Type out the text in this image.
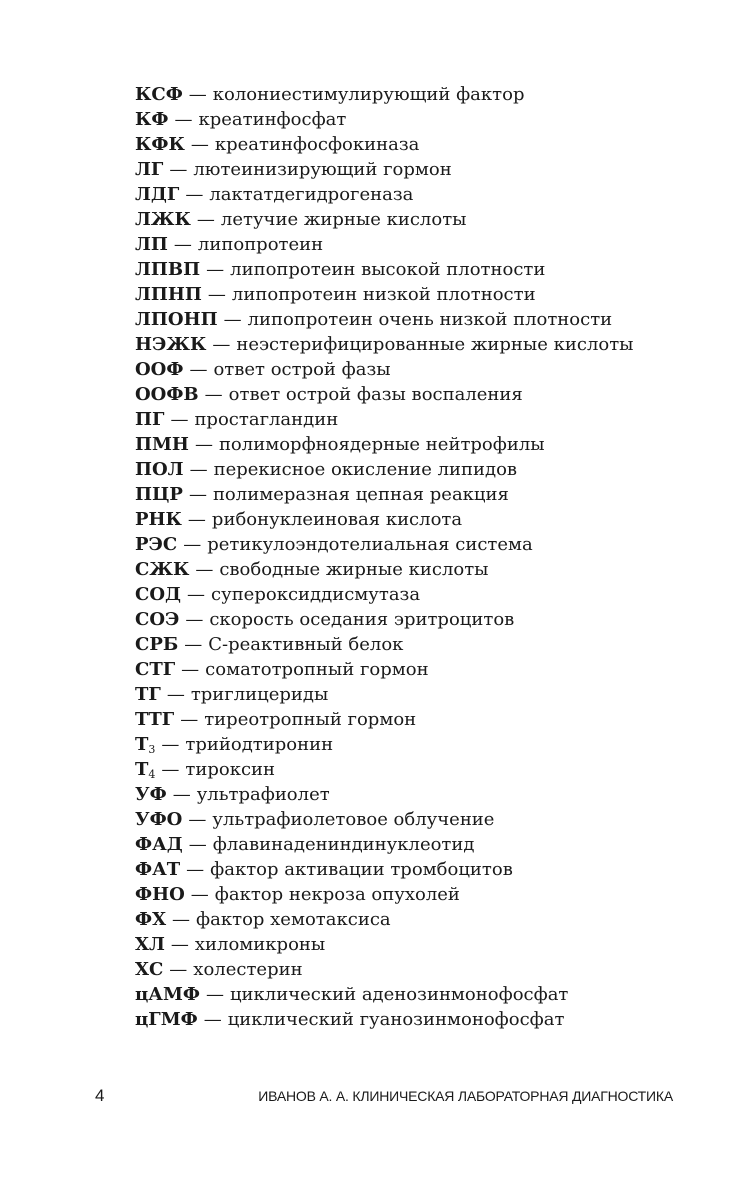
КСФ — колониестимулирующий фактор
КФ — креатинфосфат
КФК — креатинфосфокиназа
ЛГ — лютеинизирующий гормон
ЛДГ — лактатдегидрогеназа
ЛЖК — летучие жирные кислоты
ЛП — липопротеин
ЛПВП — липопротеин высокой плотности
ЛПНП — липопротеин низкой плотности
ЛПОНП — липопротеин очень низкой плотности
НЭЖК — неэстерифицированные жирные кислоты
ООФ — ответ острой фазы
ООФВ — ответ острой фазы воспаления
ПГ — простагландин
ПМН — полиморфноядерные нейтрофилы
ПОЛ — перекисное окисление липидов
ПЦР — полимеразная цепная реакция
РНК — рибонуклеиновая кислота
РЭС — ретикулоэндотелиальная система
СЖК — свободные жирные кислоты
СОД — супероксиддисмутаза
СОЭ — скорость оседания эритроцитов
СРБ — С-реактивный белок
СТГ — соматотропный гормон
ТГ — триглицериды
ТТГ — тиреотропный гормон
$Т_3$ — трийодтиронин
$Т_4$ — тироксин
УФ — ультрафиолет
УФО — ультрафиолетовое облучение
ФАД — флавинадениндинуклеотид
ФАТ — фактор активации тромбоцитов
ФНО — фактор некроза опухолей
ФХ — фактор хемотаксиса
ХЛ — хиломикроны
ХС — холестерин
цАМФ — циклический аденозинмонофосфат
цГМФ — циклический гуанозинмонофосфат
4	ИВАНОВ А. А. КЛИНИЧЕСКАЯ ЛАБОРАТОРНАЯ ДИАГНОСТИКА
